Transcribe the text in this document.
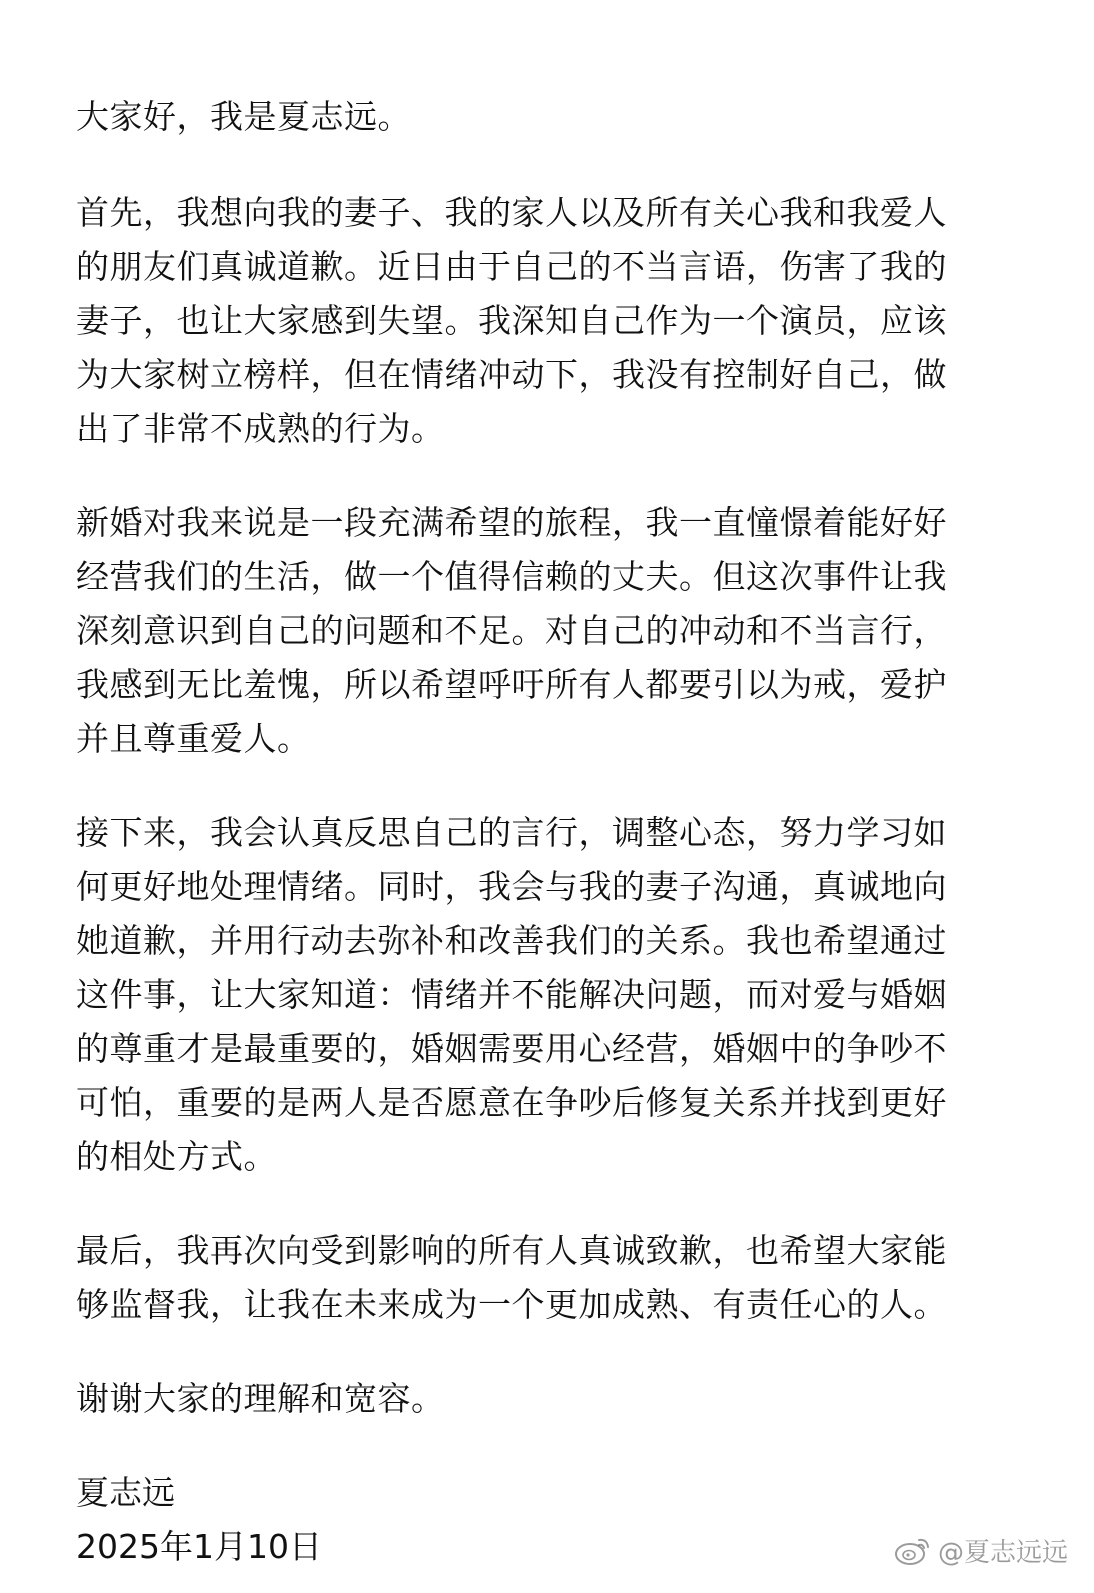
大家好，我是夏志远。

首先，我想向我的妻子、我的家人以及所有关心我和我爱人
的朋友们真诚道歉。近日由于自己的不当言语，伤害了我的
妻子，也让大家感到失望。我深知自己作为一个演员，应该
为大家树立榜样，但在情绪冲动下，我没有控制好自己，做
出了非常不成熟的行为。

新婚对我来说是一段充满希望的旅程，我一直憧憬着能好好
经营我们的生活，做一个值得信赖的丈夫。但这次事件让我
深刻意识到自己的问题和不足。对自己的冲动和不当言行，
我感到无比羞愧，所以希望呼吁所有人都要引以为戒，爱护
并且尊重爱人。

接下来，我会认真反思自己的言行，调整心态，努力学习如
何更好地处理情绪。同时，我会与我的妻子沟通，真诚地向
她道歉，并用行动去弥补和改善我们的关系。我也希望通过
这件事，让大家知道：情绪并不能解决问题，而对爱与婚姻
的尊重才是最重要的，婚姻需要用心经营，婚姻中的争吵不
可怕，重要的是两人是否愿意在争吵后修复关系并找到更好
的相处方式。

最后，我再次向受到影响的所有人真诚致歉，也希望大家能
够监督我，让我在未来成为一个更加成熟、有责任心的人。

谢谢大家的理解和宽容。

夏志远

2025年1月10日	@夏志远远
